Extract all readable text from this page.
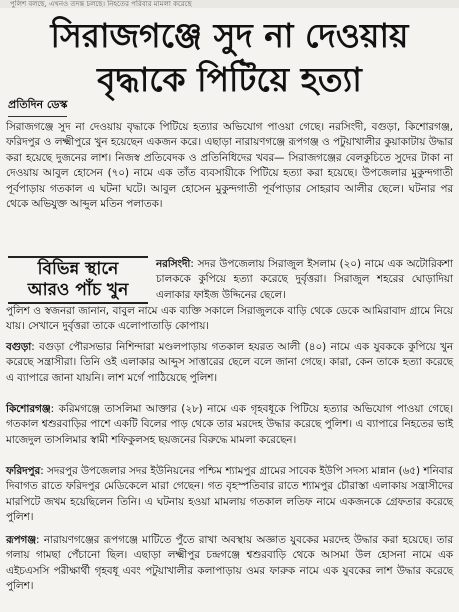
পুলিশ বলছে, এখনও তদন্ত চলছে। নিহতের পরিবার মামলা করেছে
সিরাজগঞ্জে সুদ না দেওয়ায়
বৃদ্ধাকে পিটিয়ে হত্যা
প্রতিদিন ডেস্ক
সিরাজগঞ্জে সুদ না দেওয়ায় বৃদ্ধাকে পিটিয়ে হত্যার অভিযোগ পাওয়া গেছে। নরসিংদী, বগুড়া, কিশোরগঞ্জ, ফরিদপুর ও লক্ষ্মীপুরে খুন হয়েছেন একজন করে। এছাড়া নারায়ণগঞ্জে রূপগঞ্জ ও পটুয়াখালীর কুয়াকাটায় উদ্ধার করা হয়েছে দুজনের লাশ। নিজস্ব প্রতিবেদক ও প্রতিনিধিদের খবর— সিরাজগঞ্জের বেলকুচিতে সুদের টাকা না দেওয়ায় আবুল হোসেন (৭০) নামে এক তাঁত ব্যবসায়ীকে পিটিয়ে হত্যা করা হয়েছে। উপজেলার মুকুন্দগাতী পূর্বপাড়ায় গতকাল এ ঘটনা ঘটে। আবুল হোসেন মুকুন্দগাতী পূর্বপাড়ার সোহরাব আলীর ছেলে। ঘটনার পর থেকে অভিযুক্ত আব্দুল মতিন পলাতক।
বিভিন্ন স্থানে
আরও পাঁচ খুন
নরসিংদী: সদর উপজেলায় সিরাজুল ইসলাম (২০) নামে এক অটোরিকশা চালককে কুপিয়ে হত্যা করেছে দুর্বৃত্তরা। সিরাজুল শহরের ঘোড়াদিয়া এলাকার ফাইজ উদ্দিনের ছেলে।
পুলিশ ও স্বজনরা জানান, বাবুল নামে এক ব্যক্তি সকালে সিরাজুলকে বাড়ি থেকে ডেকে আমিরাবাদ গ্রামে নিয়ে যায়। সেখানে দুর্বৃত্তরা তাকে এলোপাতাড়ি কোপায়।
বগুড়া: বগুড়া পৌরসভার নিশিন্দারা মণ্ডলপাড়ায় গতকাল হযরত আলী (৪০) নামে এক যুবককে কুপিয়ে খুন করেছে সন্ত্রাসীরা। তিনি ওই এলাকার আব্দুস সাত্তারের ছেলে বলে জানা গেছে। কারা, কেন তাকে হত্যা করেছে এ ব্যাপারে জানা যায়নি। লাশ মর্গে পাঠিয়েছে পুলিশ।
কিশোরগঞ্জ: করিমগঞ্জে তাসলিমা আক্তার (২৮) নামে এক গৃহবধূকে পিটিয়ে হত্যার অভিযোগ পাওয়া গেছে। গতকাল শ্বশুরবাড়ির পাশে একটি বিলের পাড় থেকে তার মরদেহ উদ্ধার করেছে পুলিশ। এ ব্যাপারে নিহতের ভাই মাজেদুল তাসলিমার স্বামী শফিকুলসহ ছয়জনের বিরুদ্ধে মামলা করেছেন।
ফরিদপুর: সদরপুর উপজেলার সদর ইউনিয়নের পশ্চিম শ্যামপুর গ্রামের সাবেক ইউপি সদস্য মান্নান (৬৫) শনিবার দিবাগত রাতে ফরিদপুর মেডিকেলে মারা গেছেন। গত বৃহস্পতিবার রাতে শ্যামপুর চৌরাস্তা এলাকায় সন্ত্রাসীদের মারপিটে জখম হয়েছিলেন তিনি। এ ঘটনায় হওয়া মামলায় গতকাল লতিফ নামে একজনকে গ্রেফতার করেছে পুলিশ।
রূপগঞ্জ: নারায়ণগঞ্জের রূপগঞ্জে মাটিতে পুঁতে রাখা অবস্থায় অজ্ঞাত যুবকের মরদেহ উদ্ধার করা হয়েছে। তার গলায় গামছা পেঁচানো ছিল। এছাড়া লক্ষ্মীপুর চন্দ্রগঞ্জে শ্বশুরবাড়ি থেকে আসমা উল হোসনা নামে এক এইচএসসি পরীক্ষার্থী গৃহবধূ এবং পটুয়াখালীর কলাপাড়ায় ওমর ফারুক নামে এক যুবকের লাশ উদ্ধার করেছে পুলিশ।
